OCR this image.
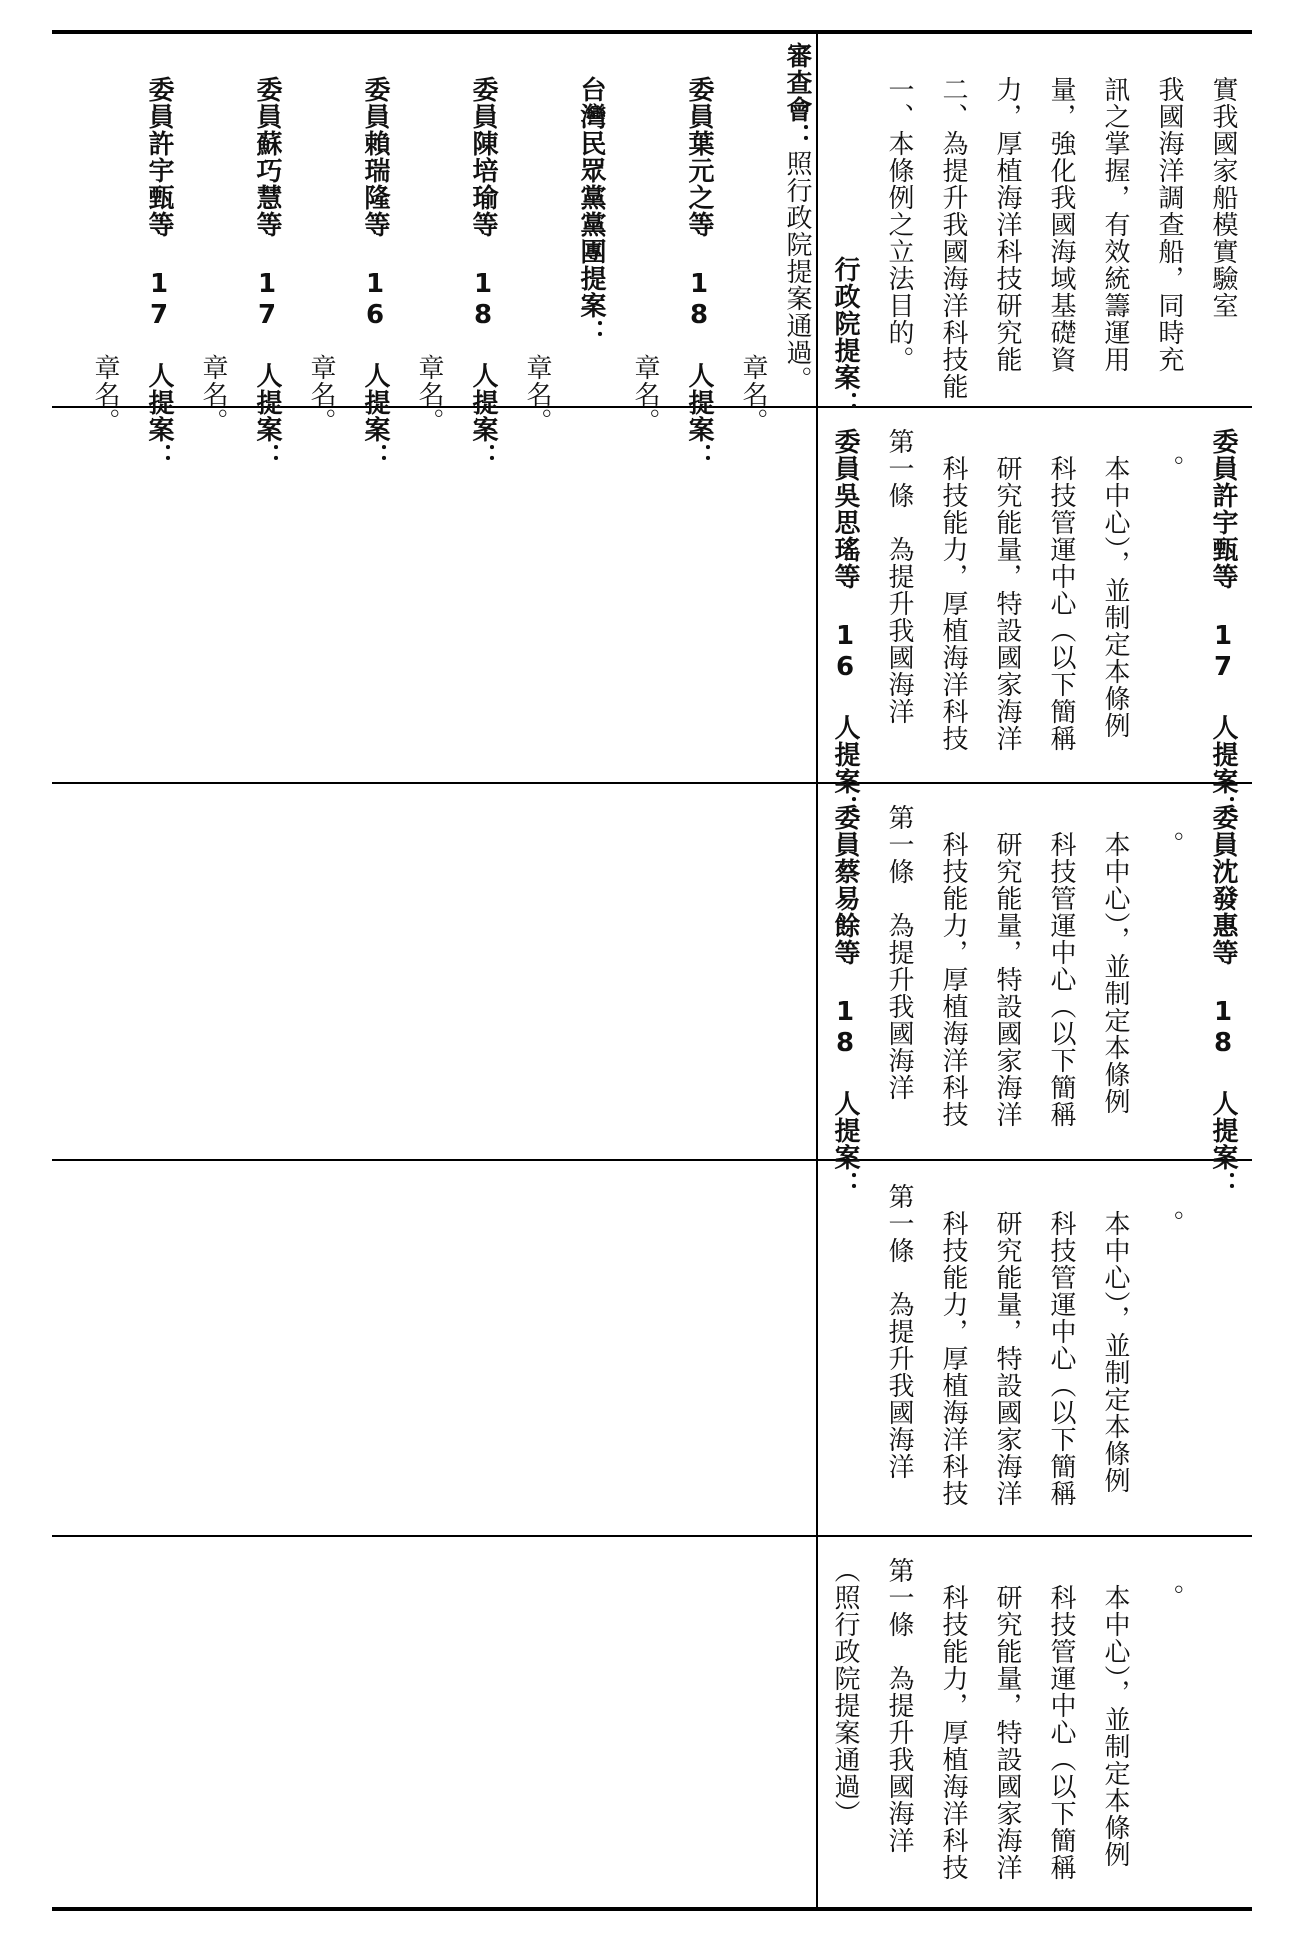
章名。 委員許宇甄等 17 人提案： 章名。 委員蘇巧慧等 17 人提案： 章名。 委員賴瑞隆等 16 人提案： 章名。 委員陳培瑜等 18 人提案： 章名。
台灣民眾黨黨團提案：
章名。 委員葉元之等 18 人提案： 章名。
審查會：照行政院提案通過。 行政院提案： 一、本條例之立法目的。 二、為提升我國海洋科技能 力，厚植海洋科技研究能 量，強化我國海域基礎資 訊之掌握，有效統籌運用 我國海洋調查船，同時充 實我國家船模實驗室
委員吳思瑤等 16 人提案： 第一條　為提升我國海洋 　科技能力，厚植海洋科技 　研究能量，特設國家海洋 　科技管運中心（以下簡稱 　本中心），並制定本條例 　。 委員許宇甄等 17 人提案：
委員蔡易餘等 18 人提案： 第一條　為提升我國海洋 　科技能力，厚植海洋科技 　研究能量，特設國家海洋 　科技管運中心（以下簡稱 　本中心），並制定本條例 　。 委員沈發惠等 18 人提案：
第一條　為提升我國海洋 　科技能力，厚植海洋科技 　研究能量，特設國家海洋 　科技管運中心（以下簡稱 　本中心），並制定本條例 　。
（照行政院提案通過） 第一條　為提升我國海洋 　科技能力，厚植海洋科技 　研究能量，特設國家海洋 　科技管運中心（以下簡稱 　本中心），並制定本條例 　。
